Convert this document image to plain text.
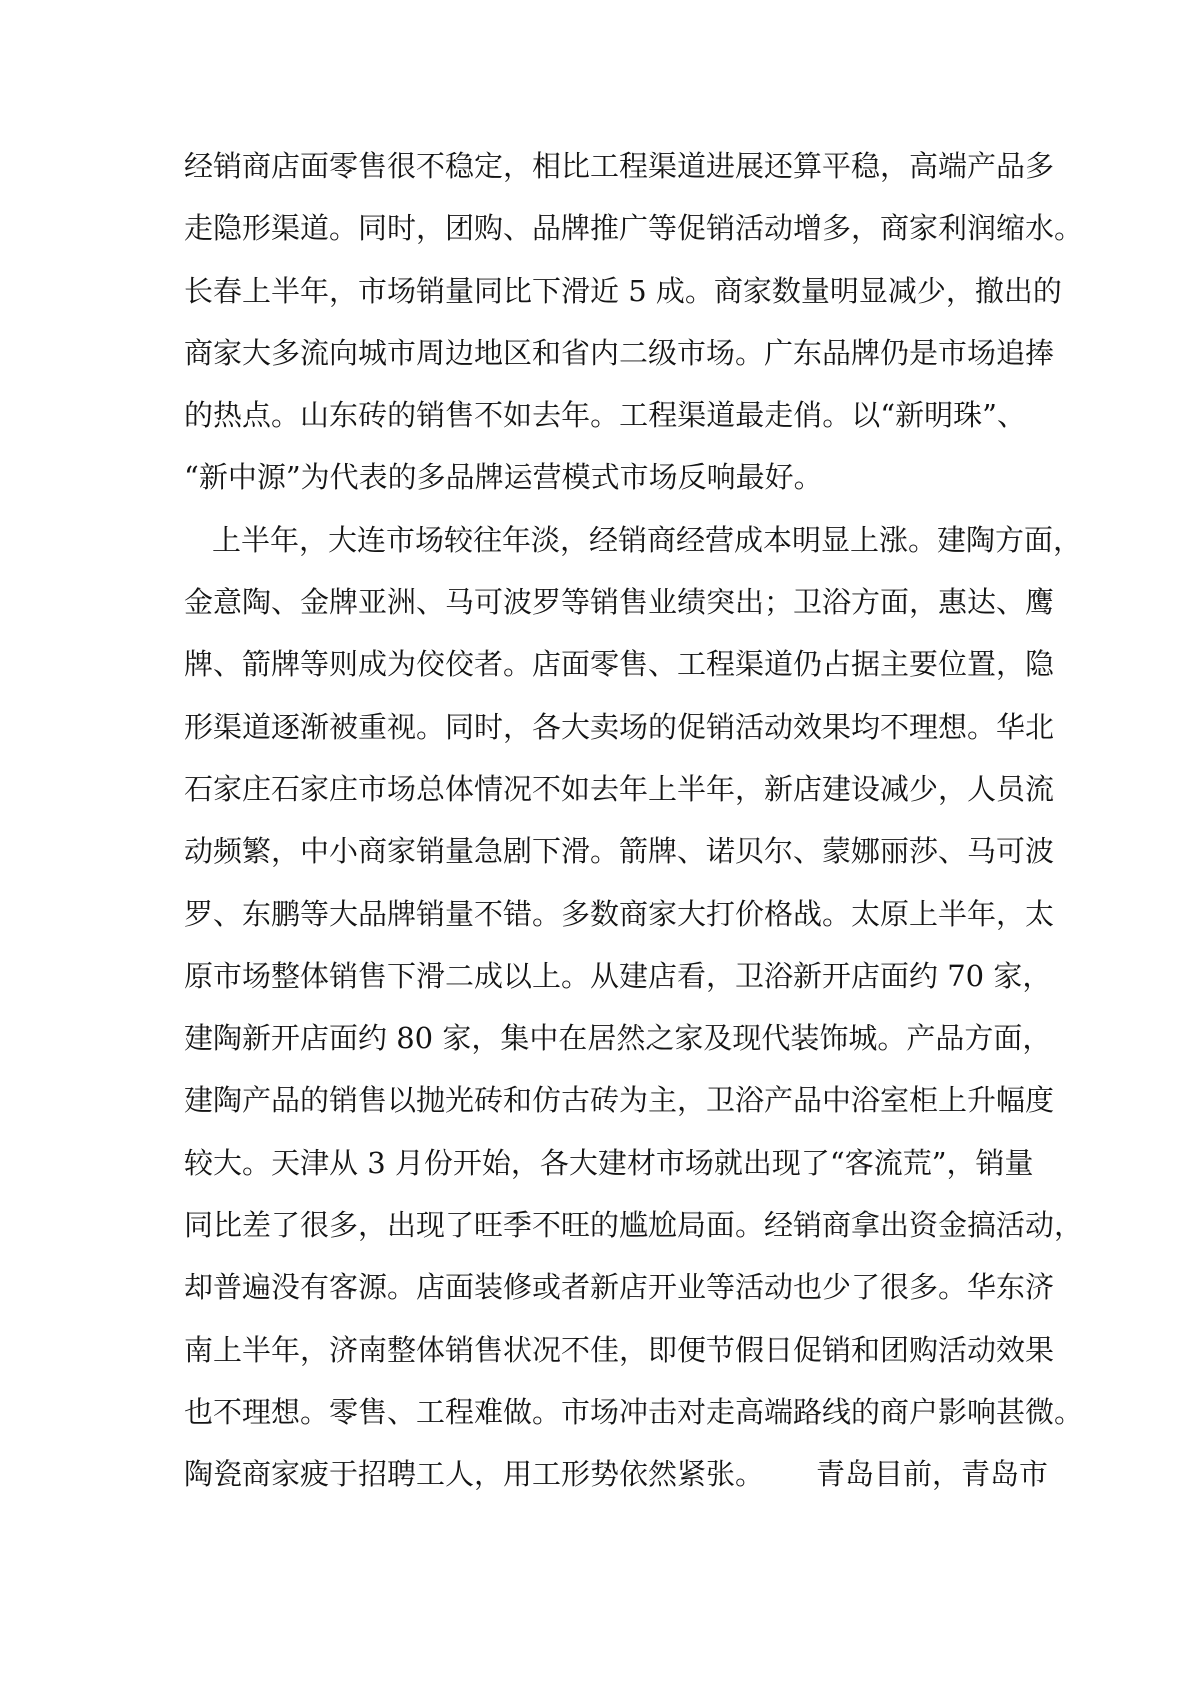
经销商店面零售很不稳定，相比工程渠道进展还算平稳，高端产品多
走隐形渠道。同时，团购、品牌推广等促销活动增多，商家利润缩水。
长春上半年，市场销量同比下滑近 5 成。商家数量明显减少，撤出的
商家大多流向城市周边地区和省内二级市场。广东品牌仍是市场追捧
的热点。山东砖的销售不如去年。工程渠道最走俏。以“新明珠”、
“新中源”为代表的多品牌运营模式市场反响最好。
上半年，大连市场较往年淡，经销商经营成本明显上涨。建陶方面，
金意陶、金牌亚洲、马可波罗等销售业绩突出；卫浴方面，惠达、鹰
牌、箭牌等则成为佼佼者。店面零售、工程渠道仍占据主要位置，隐
形渠道逐渐被重视。同时，各大卖场的促销活动效果均不理想。华北
石家庄石家庄市场总体情况不如去年上半年，新店建设减少，人员流
动频繁，中小商家销量急剧下滑。箭牌、诺贝尔、蒙娜丽莎、马可波
罗、东鹏等大品牌销量不错。多数商家大打价格战。太原上半年，太
原市场整体销售下滑二成以上。从建店看，卫浴新开店面约 70 家，
建陶新开店面约 80 家，集中在居然之家及现代装饰城。产品方面，
建陶产品的销售以抛光砖和仿古砖为主，卫浴产品中浴室柜上升幅度
较大。天津从 3 月份开始，各大建材市场就出现了“客流荒”，销量
同比差了很多，出现了旺季不旺的尴尬局面。经销商拿出资金搞活动，
却普遍没有客源。店面装修或者新店开业等活动也少了很多。华东济
南上半年，济南整体销售状况不佳，即便节假日促销和团购活动效果
也不理想。零售、工程难做。市场冲击对走高端路线的商户影响甚微。
陶瓷商家疲于招聘工人，用工形势依然紧张。 青岛目前，青岛市
